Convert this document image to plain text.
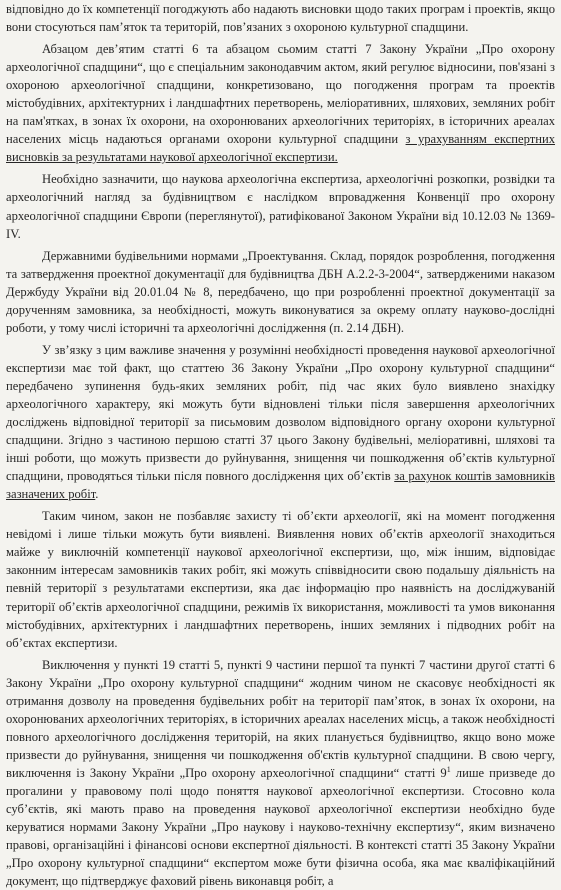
відповідно до їх компетенції погоджують або надають висновки щодо таких програм і проектів, якщо вони стосуються пам’яток та територій, пов’язаних з охороною культурної спадщини.

Абзацом дев’ятим статті 6 та абзацом сьомим статті 7 Закону України „Про охорону археологічної спадщини“, що є спеціальним законодавчим актом, який регулює відносини, пов'язані з охороною археологічної спадщини, конкретизовано, що погодження програм та проектів містобудівних, архітектурних і ландшафтних перетворень, меліоративних, шляхових, земляних робіт на пам'ятках, в зонах їх охорони, на охоронюваних археологічних територіях, в історичних ареалах населених місць надаються органами охорони культурної спадщини з урахуванням експертних висновків за результатами наукової археологічної експертизи.

Необхідно зазначити, що наукова археологічна експертиза, археологічні розкопки, розвідки та археологічний нагляд за будівництвом є наслідком впровадження Конвенції про охорону археологічної спадщини Європи (переглянутої), ратифікованої Законом України від 10.12.03 № 1369-IV.

Державними будівельними нормами „Проектування. Склад, порядок розроблення, погодження та затвердження проектної документації для будівництва ДБН А.2.2-3-2004“, затвердженими наказом Держбуду України від 20.01.04 № 8, передбачено, що при розробленні проектної документації за дорученням замовника, за необхідності, можуть виконуватися за окрему оплату науково-дослідні роботи, у тому числі історичні та археологічні дослідження (п. 2.14 ДБН).

У зв’язку з цим важливе значення у розумінні необхідності проведення наукової археологічної експертизи має той факт, що статтею 36 Закону України „Про охорону культурної спадщини“ передбачено зупинення будь-яких земляних робіт, під час яких було виявлено знахідку археологічного характеру, які можуть бути відновлені тільки після завершення археологічних досліджень відповідної території за письмовим дозволом відповідного органу охорони культурної спадщини. Згідно з частиною першою статті 37 цього Закону будівельні, меліоративні, шляхові та інші роботи, що можуть призвести до руйнування, знищення чи пошкодження об’єктів культурної спадщини, проводяться тільки після повного дослідження цих об’єктів за рахунок коштів замовників зазначених робіт.

Таким чином, закон не позбавляє захисту ті об’єкти археології, які на момент погодження невідомі і лише тільки можуть бути виявлені. Виявлення нових об’єктів археології знаходиться майже у виключній компетенції наукової археологічної експертизи, що, між іншим, відповідає законним інтересам замовників таких робіт, які можуть співвідносити свою подальшу діяльність на певній території з результатами експертизи, яка дає інформацію про наявність на досліджуваній території об’єктів археологічної спадщини, режимів їх використання, можливості та умов виконання містобудівних, архітектурних і ландшафтних перетворень, інших земляних і підводних робіт на об’єктах експертизи.

Виключення у пункті 19 статті 5, пункті 9 частини першої та пункті 7 частини другої статті 6 Закону України „Про охорону культурної спадщини“ жодним чином не скасовує необхідності як отримання дозволу на проведення будівельних робіт на території пам’яток, в зонах їх охорони, на охоронюваних археологічних територіях, в історичних ареалах населених місць, а також необхідності повного археологічного дослідження територій, на яких планується будівництво, якщо воно може призвести до руйнування, знищення чи пошкодження об'єктів культурної спадщини. В свою чергу, виключення із Закону України „Про охорону археологічної спадщини“ статті $9^1$ лише призведе до прогалини у правовому полі щодо поняття наукової археологічної експертизи. Стосовно кола суб’єктів, які мають право на проведення наукової археологічної експертизи необхідно буде керуватися нормами Закону України „Про наукову і науково-технічну експертизу“, яким визначено правові, організаційні і фінансові основи експертної діяльності. В контексті статті 35 Закону України „Про охорону культурної спадщини“ експертом може бути фізична особа, яка має кваліфікаційний документ, що підтверджує фаховий рівень виконавця робіт, а
